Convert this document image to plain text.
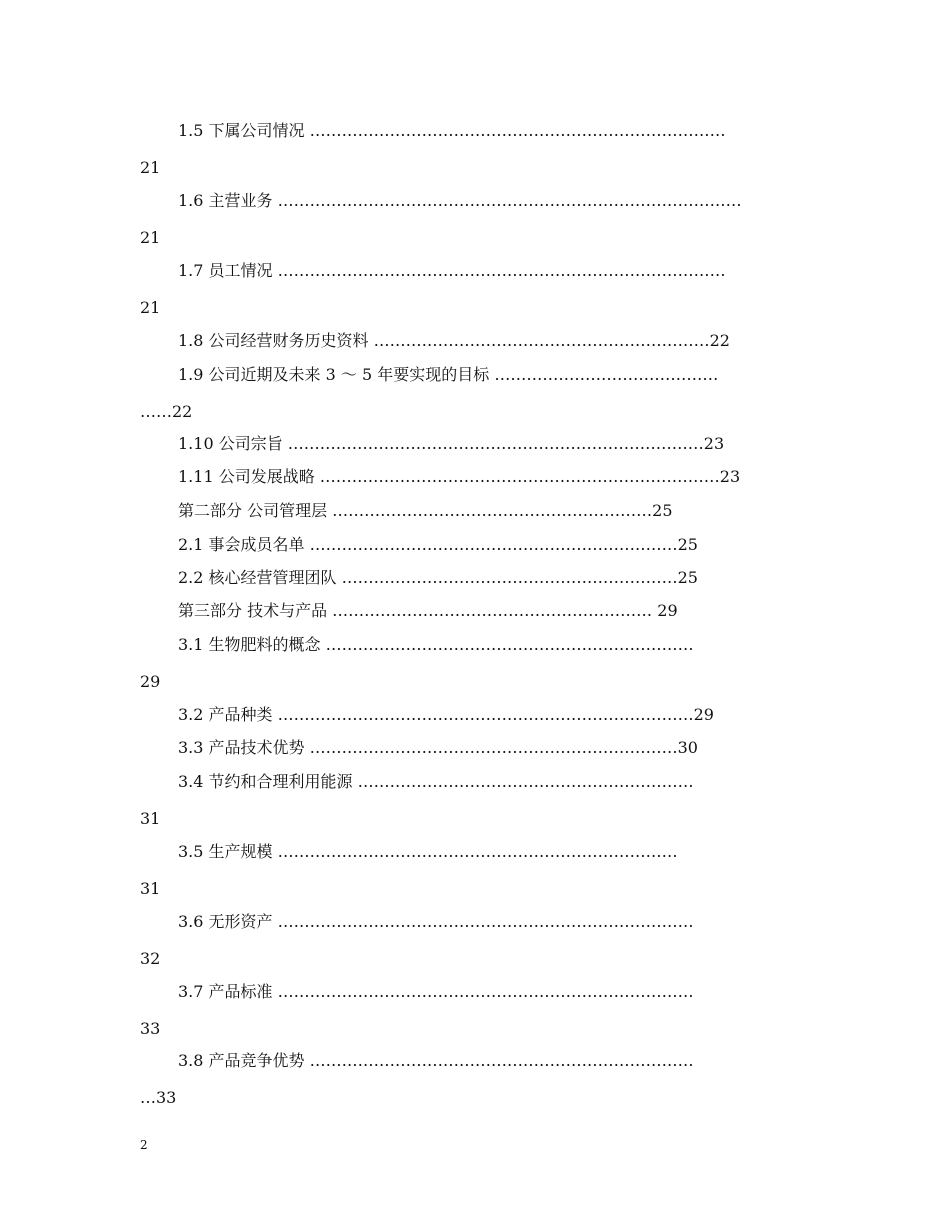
1.5 下属公司情况 ……………………………………………………………………
21
1.6 主营业务 ……………………………………………………………………………
21
1.7 员工情况 …………………………………………………………………………
21
1.8 公司经营财务历史资料 ………………………………………………………22
1.9 公司近期及未来 3 ～ 5 年要实现的目标 ……………………………………
……22
1.10 公司宗旨 ……………………………………………………………………23
1.11 公司发展战略 …………………………………………………………………23
第二部分 公司管理层 ……………………………………………………25
2.1 事会成员名单 ……………………………………………………………25
2.2 核心经营管理团队 ………………………………………………………25
第三部分 技术与产品 …………………………………………………… 29
3.1 生物肥料的概念 ……………………………………………………………
29
3.2 产品种类 ……………………………………………………………………29
3.3 产品技术优势 ……………………………………………………………30
3.4 节约和合理利用能源 ………………………………………………………
31
3.5 生产规模 …………………………………………………………………
31
3.6 无形资产 ……………………………………………………………………
32
3.7 产品标准 ……………………………………………………………………
33
3.8 产品竞争优势 ………………………………………………………………
…33
2
